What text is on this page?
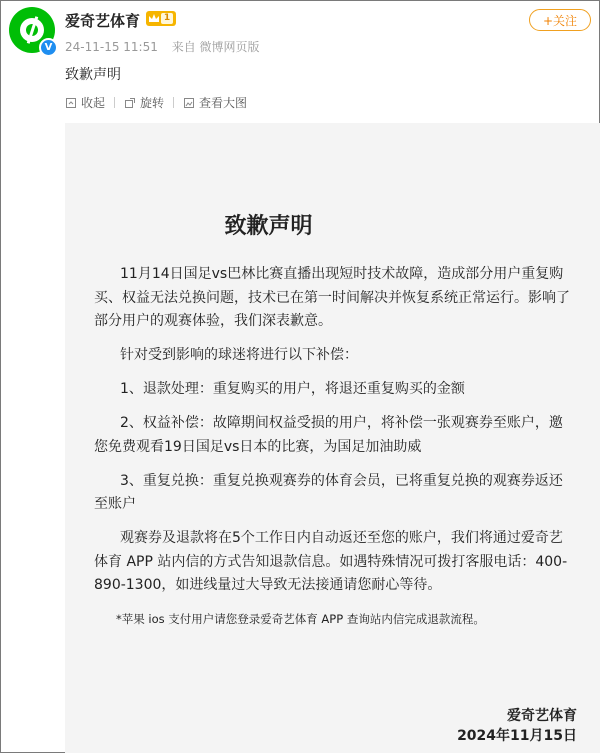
V
爱奇艺体育	1
24-11-15 11:51 来自 微博网页版
+关注
致歉声明
收起	旋转	查看大图
致歉声明

11月14日国足vs巴林比赛直播出现短时技术故障，造成部分用户重复购买、权益无法兑换问题，技术已在第一时间解决并恢复系统正常运行。影响了部分用户的观赛体验，我们深表歉意。

针对受到影响的球迷将进行以下补偿：

1、退款处理：重复购买的用户，将退还重复购买的金额

2、权益补偿：故障期间权益受损的用户，将补偿一张观赛券至账户，邀您免费观看19日国足vs日本的比赛，为国足加油助威

3、重复兑换：重复兑换观赛券的体育会员，已将重复兑换的观赛券返还至账户

观赛券及退款将在5个工作日内自动返还至您的账户，我们将通过爱奇艺体育 APP 站内信的方式告知退款信息。如遇特殊情况可拨打客服电话：400-890-1300，如进线量过大导致无法接通请您耐心等待。

*苹果 ios 支付用户请您登录爱奇艺体育 APP 查询站内信完成退款流程。

爱奇艺体育
2024年11月15日
